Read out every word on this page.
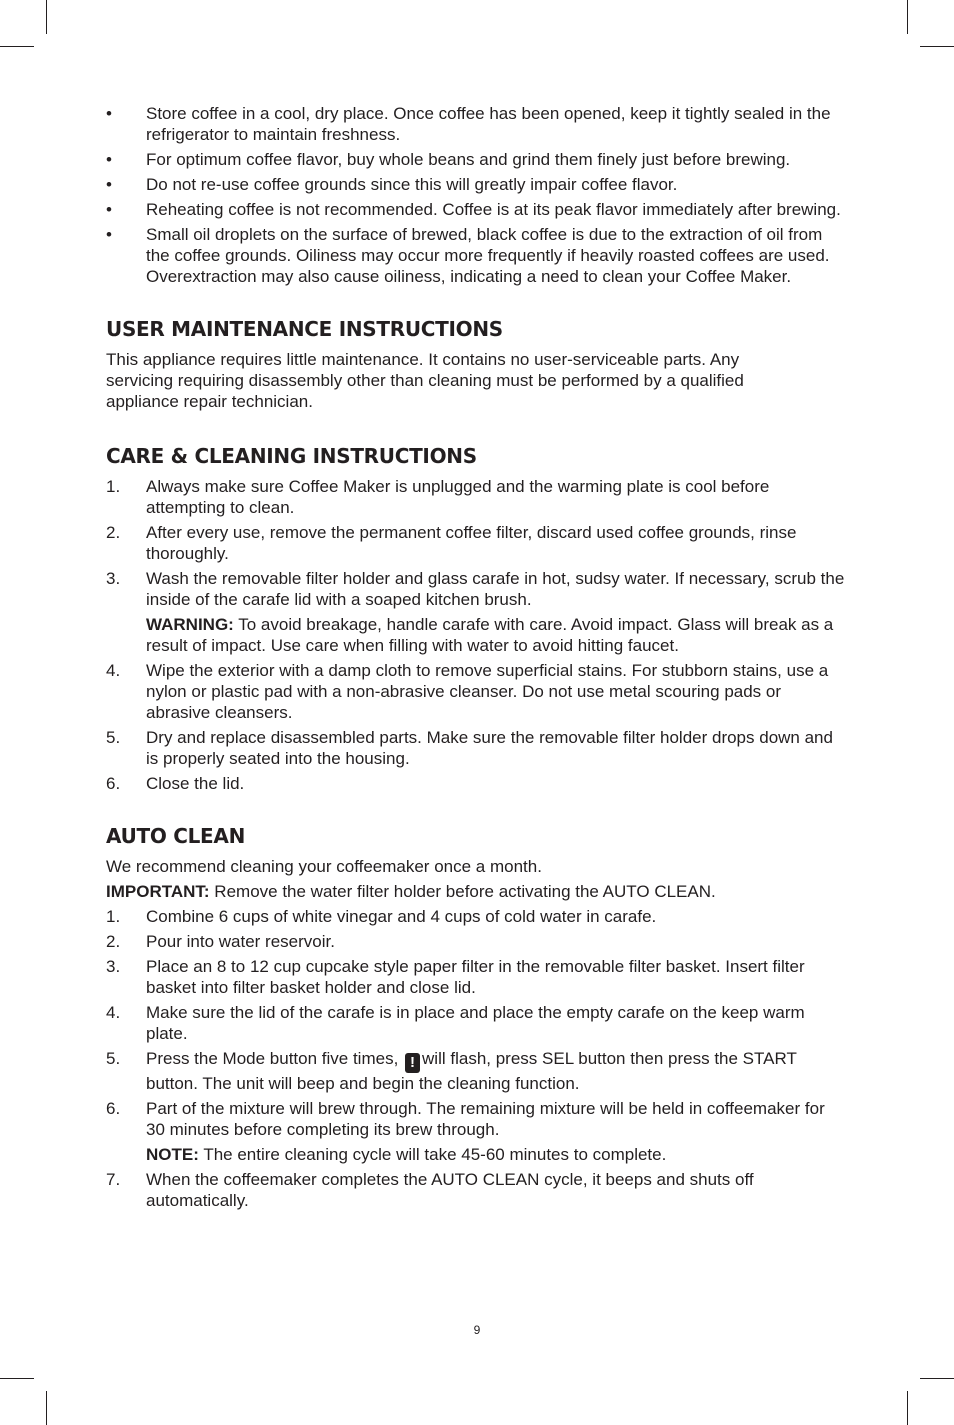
•	Store coffee in a cool, dry place. Once coffee has been opened, keep it tightly sealed in the refrigerator to maintain freshness.
•	For optimum coffee flavor, buy whole beans and grind them finely just before brewing.
•	Do not re-use coffee grounds since this will greatly impair coffee flavor.
•	Reheating coffee is not recommended. Coffee is at its peak flavor immediately after brewing.
•	Small oil droplets on the surface of brewed, black coffee is due to the extraction of oil from the coffee grounds. Oiliness may occur more frequently if heavily roasted coffees are used. Overextraction may also cause oiliness, indicating a need to clean your Coffee Maker.
USER MAINTENANCE INSTRUCTIONS

This appliance requires little maintenance. It contains no user-serviceable parts. Any servicing requiring disassembly other than cleaning must be performed by a qualified appliance repair technician.

CARE & CLEANING INSTRUCTIONS
1.	Always make sure Coffee Maker is unplugged and the warming plate is cool before attempting to clean.
2.	After every use, remove the permanent coffee filter, discard used coffee grounds, rinse thoroughly.
3.	Wash the removable filter holder and glass carafe in hot, sudsy water. If necessary, scrub the inside of the carafe lid with a soaped kitchen brush.
WARNING: To avoid breakage, handle carafe with care. Avoid impact. Glass will break as a result of impact. Use care when filling with water to avoid hitting faucet.
4.	Wipe the exterior with a damp cloth to remove superficial stains. For stubborn stains, use a nylon or plastic pad with a non-abrasive cleanser. Do not use metal scouring pads or abrasive cleansers.
5.	Dry and replace disassembled parts. Make sure the removable filter holder drops down and is properly seated into the housing.
6.	Close the lid.
AUTO CLEAN

We recommend cleaning your coffeemaker once a month.

IMPORTANT: Remove the water filter holder before activating the AUTO CLEAN.

1.	Combine 6 cups of white vinegar and 4 cups of cold water in carafe.
2.	Pour into water reservoir.
3.	Place an 8 to 12 cup cupcake style paper filter in the removable filter basket. Insert filter basket into filter basket holder and close lid.
4.	Make sure the lid of the carafe is in place and place the empty carafe on the keep warm plate.
5.	Press the Mode button five times, ! will flash, press SEL button then press the START button. The unit will beep and begin the cleaning function.
6.	Part of the mixture will brew through. The remaining mixture will be held in coffeemaker for 30 minutes before completing its brew through.
NOTE: The entire cleaning cycle will take 45-60 minutes to complete.
7.	When the coffeemaker completes the AUTO CLEAN cycle, it beeps and shuts off automatically.
9
